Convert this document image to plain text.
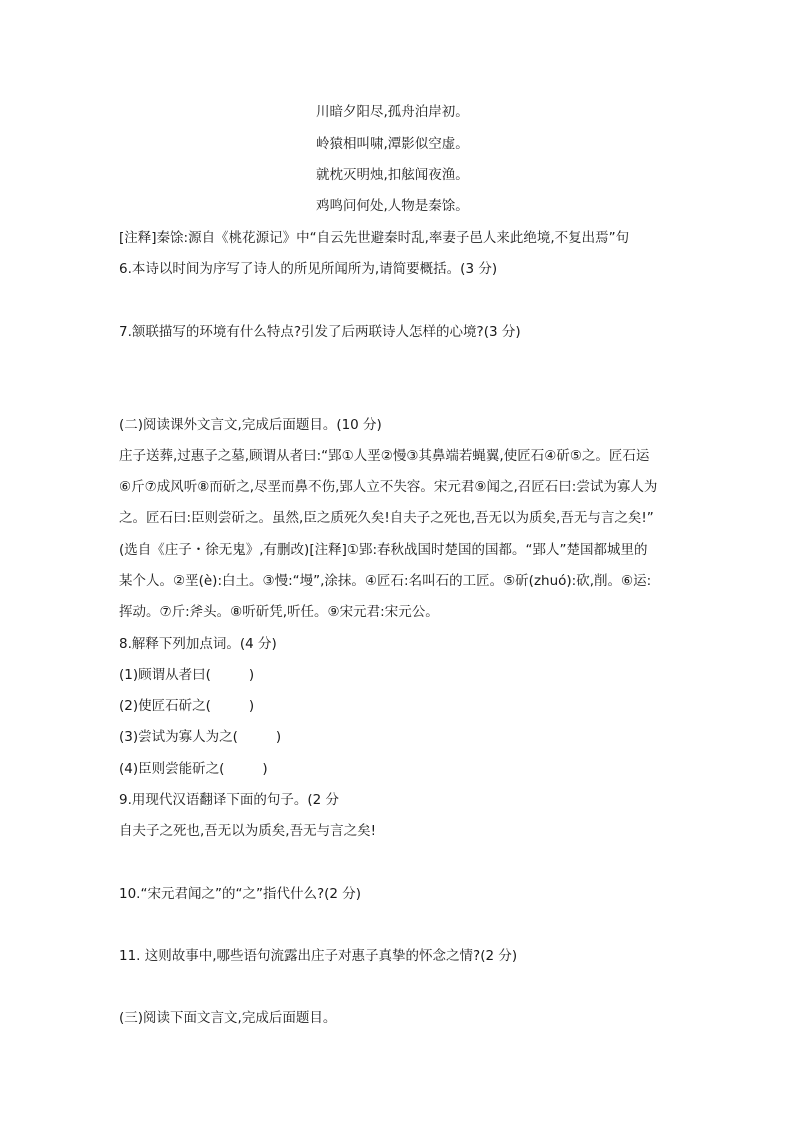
川暗夕阳尽,孤舟泊岸初。
岭猿相叫啸,潭影似空虚。
就枕灭明烛,扣舷闻夜渔。
鸡鸣问何处,人物是秦馀。
[注释]秦馀:源自《桃花源记》中“自云先世避秦时乱,率妻子邑人来此绝境,不复出焉”句
6.本诗以时间为序写了诗人的所见所闻所为,请简要概括。(3 分)
7.颔联描写的环境有什么特点?引发了后两联诗人怎样的心境?(3 分)
(二)阅读课外文言文,完成后面题目。(10 分)
庄子送葬,过惠子之墓,顾谓从者曰:“郢①人垩②慢③其鼻端若蝇翼,使匠石④斫⑤之。匠石运
⑥斤⑦成风听⑧而斫之,尽垩而鼻不伤,郢人立不失容。宋元君⑨闻之,召匠石曰:尝试为寡人为
之。匠石曰:臣则尝斫之。虽然,臣之质死久矣!自夫子之死也,吾无以为质矣,吾无与言之矣!”
(选自《庄子・徐无鬼》,有删改)[注释]①郢:春秋战国时楚国的国都。“郢人”楚国都城里的
某个人。②垩(è):白土。③慢:“墁”,涂抹。④匠石:名叫石的工匠。⑤斫(zhuó):砍,削。⑥运:
挥动。⑦斤:斧头。⑧听斫凭,听任。⑨宋元君:宋元公。
8.解释下列加点词。(4 分)
(1)顾谓从者曰(	)
(2)使匠石斫之(	)
(3)尝试为寡人为之(	)
(4)臣则尝能斫之(	)
9.用现代汉语翻译下面的句子。(2 分
自夫子之死也,吾无以为质矣,吾无与言之矣!
10.“宋元君闻之”的“之”指代什么?(2 分)
11. 这则故事中,哪些语句流露出庄子对惠子真挚的怀念之情?(2 分)
(三)阅读下面文言文,完成后面题目。
